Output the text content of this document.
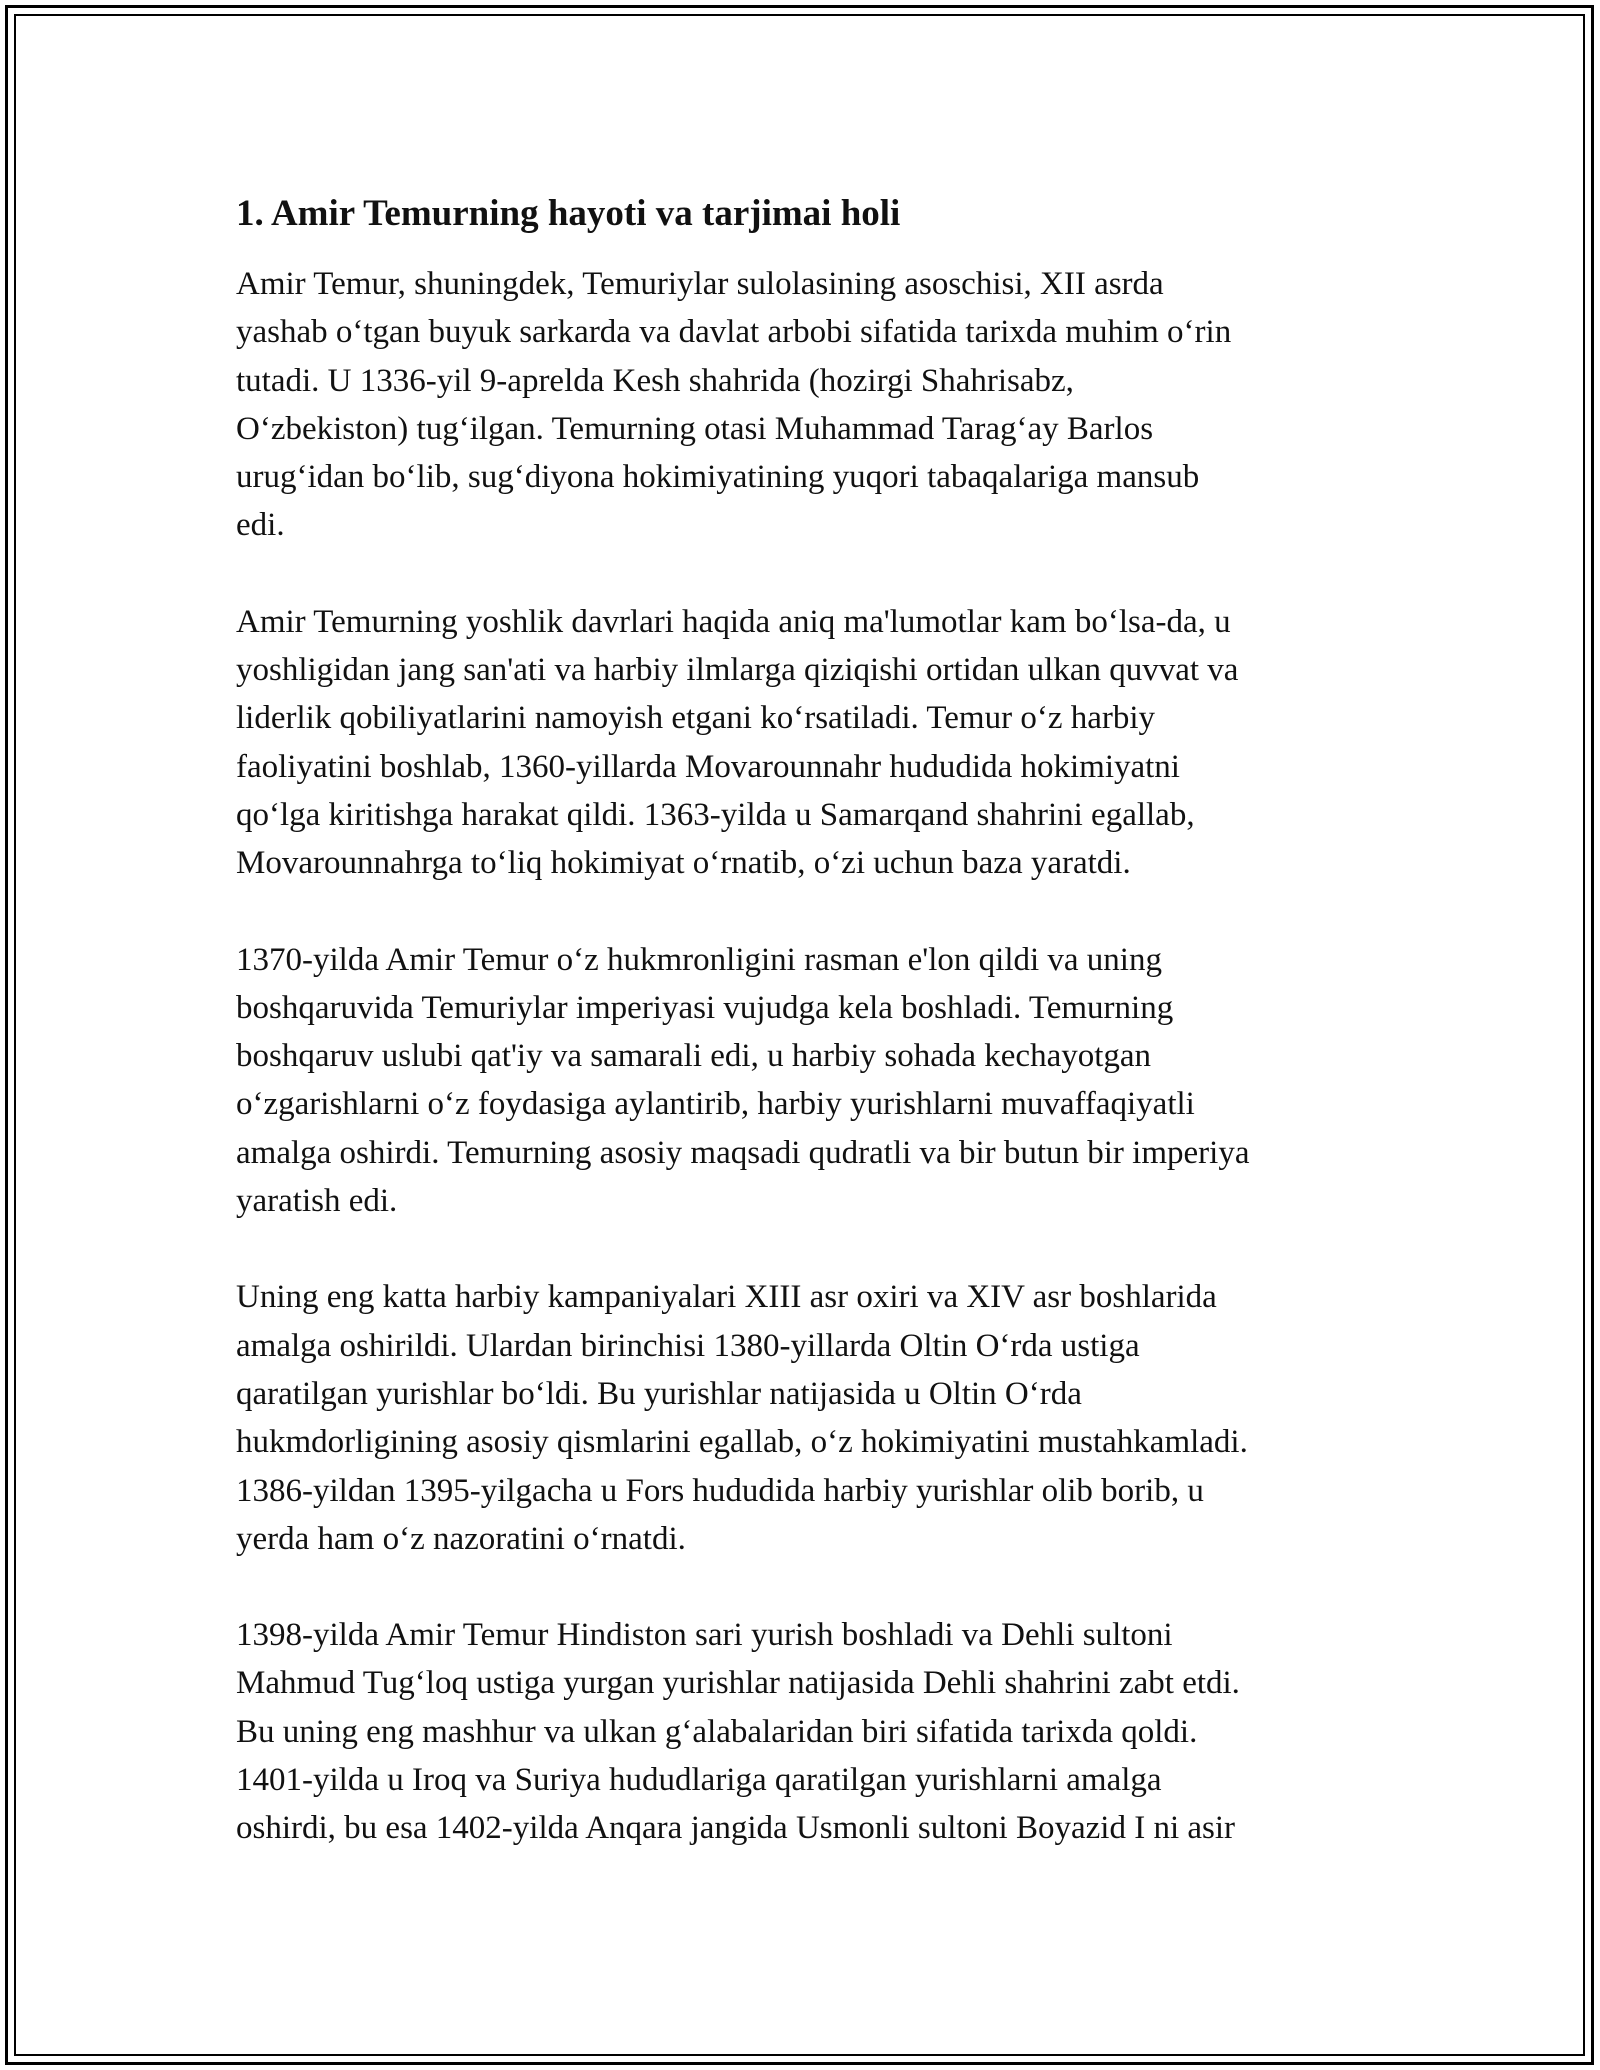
1. Amir Temurning hayoti va tarjimai holi

Amir Temur, shuningdek, Temuriylar sulolasining asoschisi, XII asrda
yashab o‘tgan buyuk sarkarda va davlat arbobi sifatida tarixda muhim o‘rin
tutadi. U 1336-yil 9-aprelda Kesh shahrida (hozirgi Shahrisabz,
O‘zbekiston) tug‘ilgan. Temurning otasi Muhammad Tarag‘ay Barlos
urug‘idan bo‘lib, sug‘diyona hokimiyatining yuqori tabaqalariga mansub
edi.

Amir Temurning yoshlik davrlari haqida aniq ma'lumotlar kam bo‘lsa-da, u
yoshligidan jang san'ati va harbiy ilmlarga qiziqishi ortidan ulkan quvvat va
liderlik qobiliyatlarini namoyish etgani ko‘rsatiladi. Temur o‘z harbiy
faoliyatini boshlab, 1360-yillarda Movarounnahr hududida hokimiyatni
qo‘lga kiritishga harakat qildi. 1363-yilda u Samarqand shahrini egallab,
Movarounnahrga to‘liq hokimiyat o‘rnatib, o‘zi uchun baza yaratdi.

1370-yilda Amir Temur o‘z hukmronligini rasman e'lon qildi va uning
boshqaruvida Temuriylar imperiyasi vujudga kela boshladi. Temurning
boshqaruv uslubi qat'iy va samarali edi, u harbiy sohada kechayotgan
o‘zgarishlarni o‘z foydasiga aylantirib, harbiy yurishlarni muvaffaqiyatli
amalga oshirdi. Temurning asosiy maqsadi qudratli va bir butun bir imperiya
yaratish edi.

Uning eng katta harbiy kampaniyalari XIII asr oxiri va XIV asr boshlarida
amalga oshirildi. Ulardan birinchisi 1380-yillarda Oltin O‘rda ustiga
qaratilgan yurishlar bo‘ldi. Bu yurishlar natijasida u Oltin O‘rda
hukmdorligining asosiy qismlarini egallab, o‘z hokimiyatini mustahkamladi.
1386-yildan 1395-yilgacha u Fors hududida harbiy yurishlar olib borib, u
yerda ham o‘z nazoratini o‘rnatdi.

1398-yilda Amir Temur Hindiston sari yurish boshladi va Dehli sultoni
Mahmud Tug‘loq ustiga yurgan yurishlar natijasida Dehli shahrini zabt etdi.
Bu uning eng mashhur va ulkan g‘alabalaridan biri sifatida tarixda qoldi.
1401-yilda u Iroq va Suriya hududlariga qaratilgan yurishlarni amalga
oshirdi, bu esa 1402-yilda Anqara jangida Usmonli sultoni Boyazid I ni asir
